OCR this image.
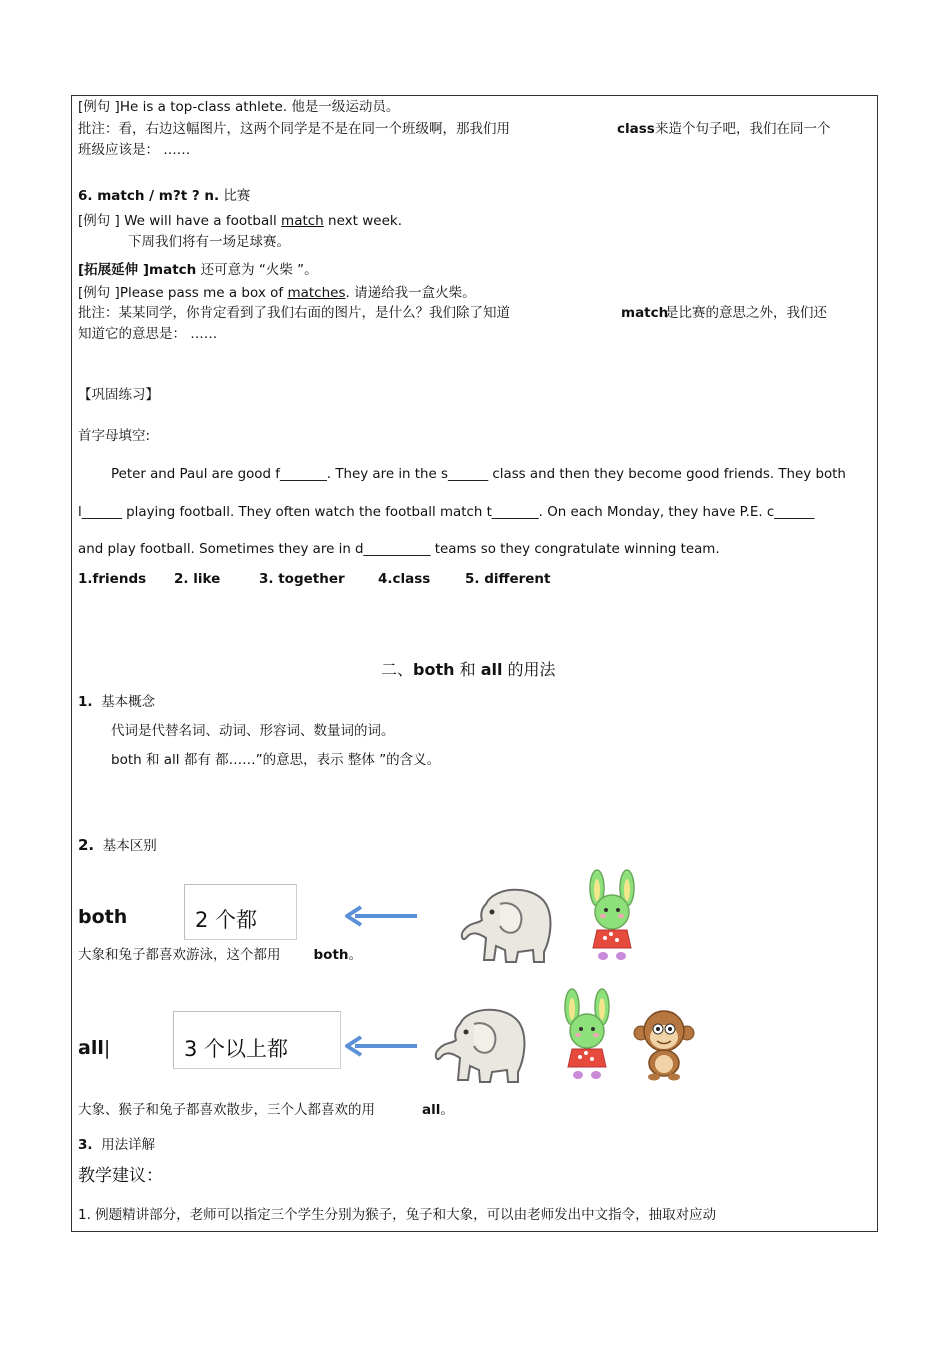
[例句 ]He is a top-class athlete. 他是一级运动员。
批注：看，右边这幅图片，这两个同学是不是在同一个班级啊，那我们用	class 来造个句子吧，我们在同一个
班级应该是： ……
6. match / m?t ? n. 比赛
[例句 ] We will have a football match next week.
下周我们将有一场足球赛。
[拓展延伸 ]match 还可意为 “火柴 ”。
[例句 ]Please pass me a box of matches. 请递给我一盒火柴。
批注：某某同学，你肯定看到了我们右面的图片，是什么？我们除了知道	match
是比赛的意思之外，我们还
知道它的意思是： ……
【巩固练习】
首字母填空:
Peter and Paul are good f_______. They are in the s______ class and then they become good friends. They both
l______ playing football. They often watch the football match t_______. On each Monday, they have P.E. c______
and play football. Sometimes they are in d__________ teams so they congratulate winning team.
1.friends 2. like	3. together 4.class	5. different
二、both 和 all 的用法
1. 基本概念
代词是代替名词、动词、形容词、数量词的词。
both 和 all 都有 都……”的意思，表示 整体 ”的含义。
2. 基本区别
both	2 个都
大象和兔子都喜欢游泳，这个都用 both。
all|	3 个以上都
大象、猴子和兔子都喜欢散步，三个人都喜欢的用	all。
3. 用法详解
教学建议：
1. 例题精讲部分，老师可以指定三个学生分别为猴子，兔子和大象，可以由老师发出中文指令，抽取对应动
